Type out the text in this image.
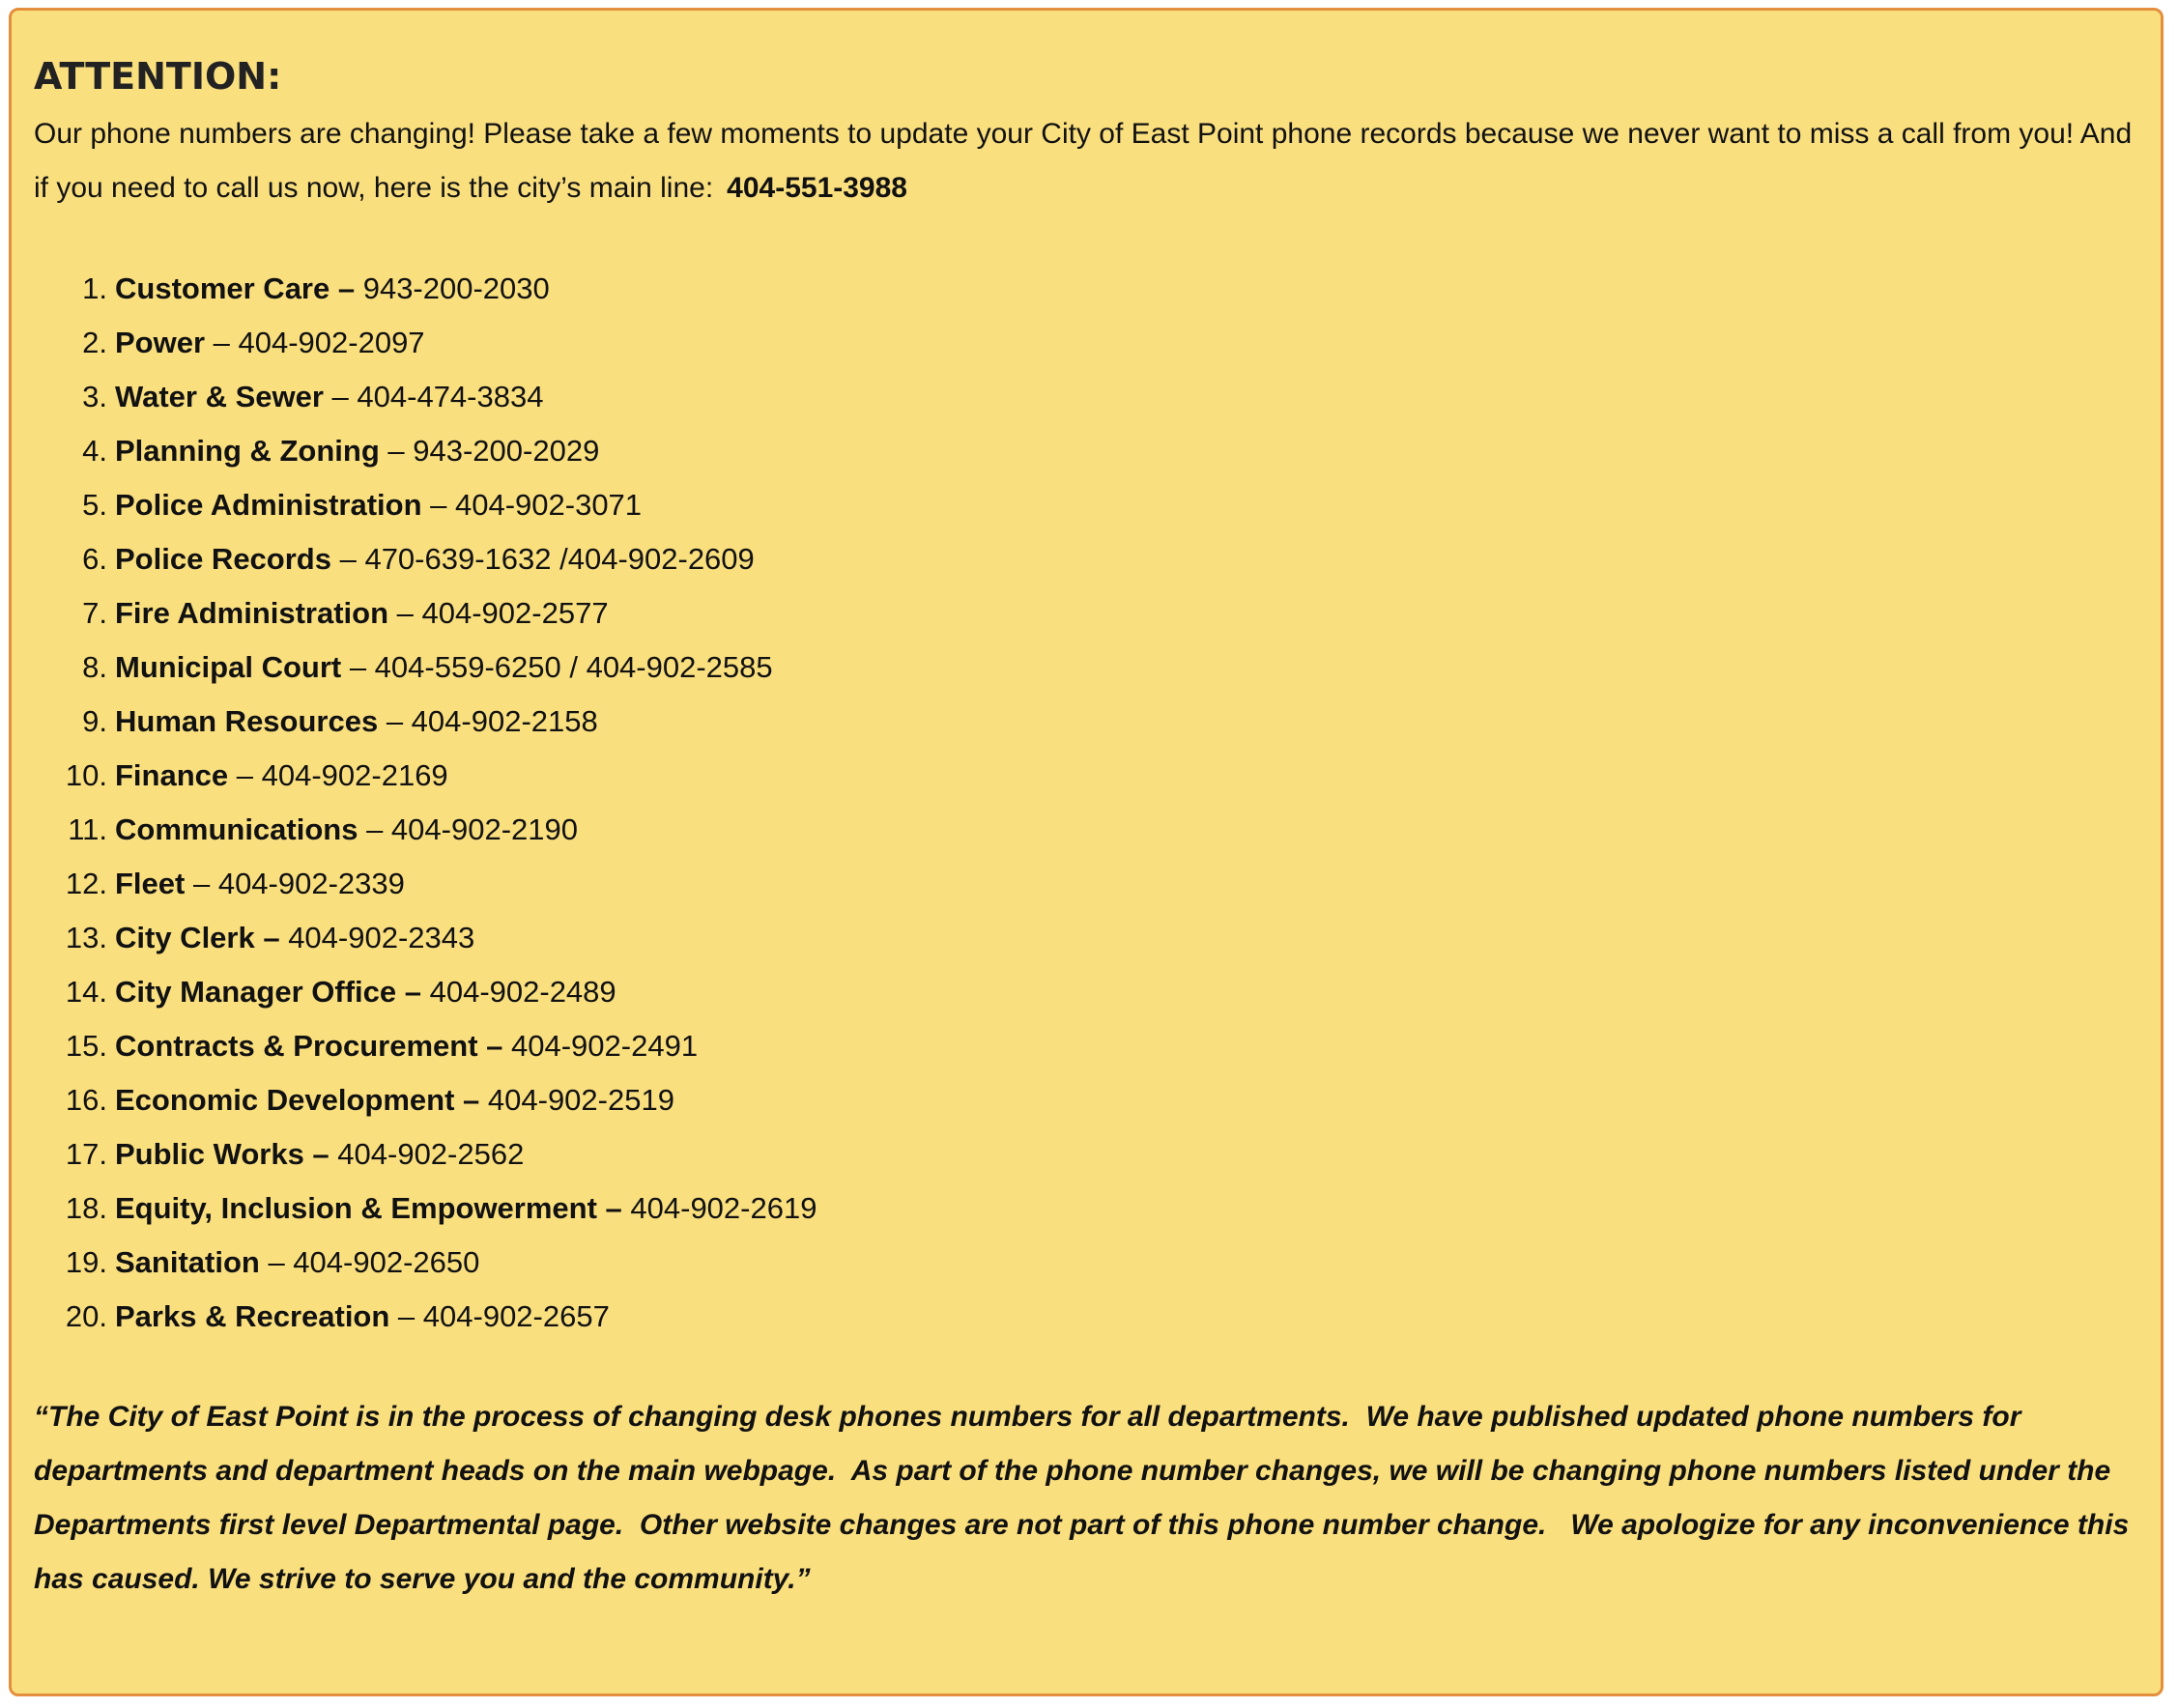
ATTENTION:

Our phone numbers are changing! Please take a few moments to update your City of East Point phone records because we never want to miss a call from you! And if you need to call us now, here is the city’s main line: 404-551-3988

1. Customer Care – 943-200-2030
2. Power – 404-902-2097
3. Water & Sewer – 404-474-3834
4. Planning & Zoning – 943-200-2029
5. Police Administration – 404-902-3071
6. Police Records – 470-639-1632 /404-902-2609
7. Fire Administration – 404-902-2577
8. Municipal Court – 404-559-6250 / 404-902-2585
9. Human Resources – 404-902-2158
10. Finance – 404-902-2169
11. Communications – 404-902-2190
12. Fleet – 404-902-2339
13. City Clerk – 404-902-2343
14. City Manager Office – 404-902-2489
15. Contracts & Procurement – 404-902-2491
16. Economic Development – 404-902-2519
17. Public Works – 404-902-2562
18. Equity, Inclusion & Empowerment – 404-902-2619
19. Sanitation – 404-902-2650
20. Parks & Recreation – 404-902-2657

“The City of East Point is in the process of changing desk phones numbers for all departments.  We have published updated phone numbers for departments and department heads on the main webpage.  As part of the phone number changes, we will be changing phone numbers listed under the Departments first level Departmental page.  Other website changes are not part of this phone number change.   We apologize for any inconvenience this has caused. We strive to serve you and the community.”
